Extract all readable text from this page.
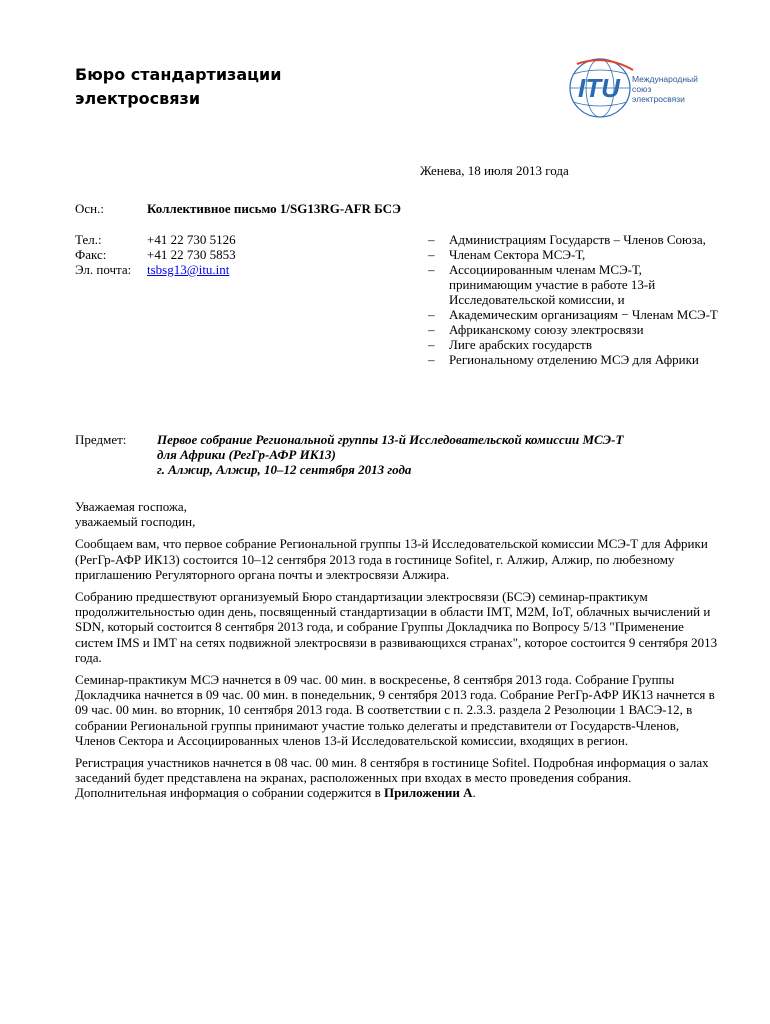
Бюро стандартизации
электросвязи	ITU Международный
союз
электросвязи
Женева, 18 июля 2013 года
Осн.:	Коллективное письмо 1/SG13RG-AFR БСЭ
Тел.:	+41 22 730 5126
Факс:	+41 22 730 5853
Эл. почта:	tsbsg13@itu.int
– Администрациям Государств – Членов Союза,
– Членам Сектора МСЭ-Т,
– Ассоциированным членам МСЭ-Т, принимающим участие в работе 13-й Исследовательской комиссии, и
– Академическим организациям − Членам МСЭ-Т
– Африканскому союзу электросвязи
– Лиге арабских государств
– Региональному отделению МСЭ для Африки
Предмет: Первое собрание Региональной группы 13-й Исследовательской комиссии МСЭ-Т
для Африки (РегГр-АФР ИК13)
г. Алжир, Алжир, 10–12 сентября 2013 года

Уважаемая госпожа,
уважаемый господин,

Сообщаем вам, что первое собрание Региональной группы 13-й Исследовательской комиссии МСЭ-Т для Африки (РегГр-АФР ИК13) состоится 10–12 сентября 2013 года в гостинице Sofitel, г. Алжир, Алжир, по любезному приглашению Регуляторного органа почты и электросвязи Алжира.

Собранию предшествуют организуемый Бюро стандартизации электросвязи (БСЭ) семинар-практикум продолжительностью один день, посвященный стандартизации в области IMT, M2M, IoT, облачных вычислений и SDN, который состоится 8 сентября 2013 года, и собрание Группы Докладчика по Вопросу 5/13 "Применение систем IMS и IMT на сетях подвижной электросвязи в развивающихся странах", которое состоится 9 сентября 2013 года.

Семинар-практикум МСЭ начнется в 09 час. 00 мин. в воскресенье, 8 сентября 2013 года. Собрание Группы Докладчика начнется в 09 час. 00 мин. в понедельник, 9 сентября 2013 года. Собрание РегГр-АФР ИК13 начнется в 09 час. 00 мин. во вторник, 10 сентября 2013 года. В соответствии с п. 2.3.3. раздела 2 Резолюции 1 ВАСЭ-12, в собрании Региональной группы принимают участие только делегаты и представители от Государств-Членов, Членов Сектора и Ассоциированных членов 13-й Исследовательской комиссии, входящих в регион.

Регистрация участников начнется в 08 час. 00 мин. 8 сентября в гостинице Sofitel. Подробная информация о залах заседаний будет представлена на экранах, расположенных при входах в место проведения собрания. Дополнительная информация о собрании содержится в Приложении А.
